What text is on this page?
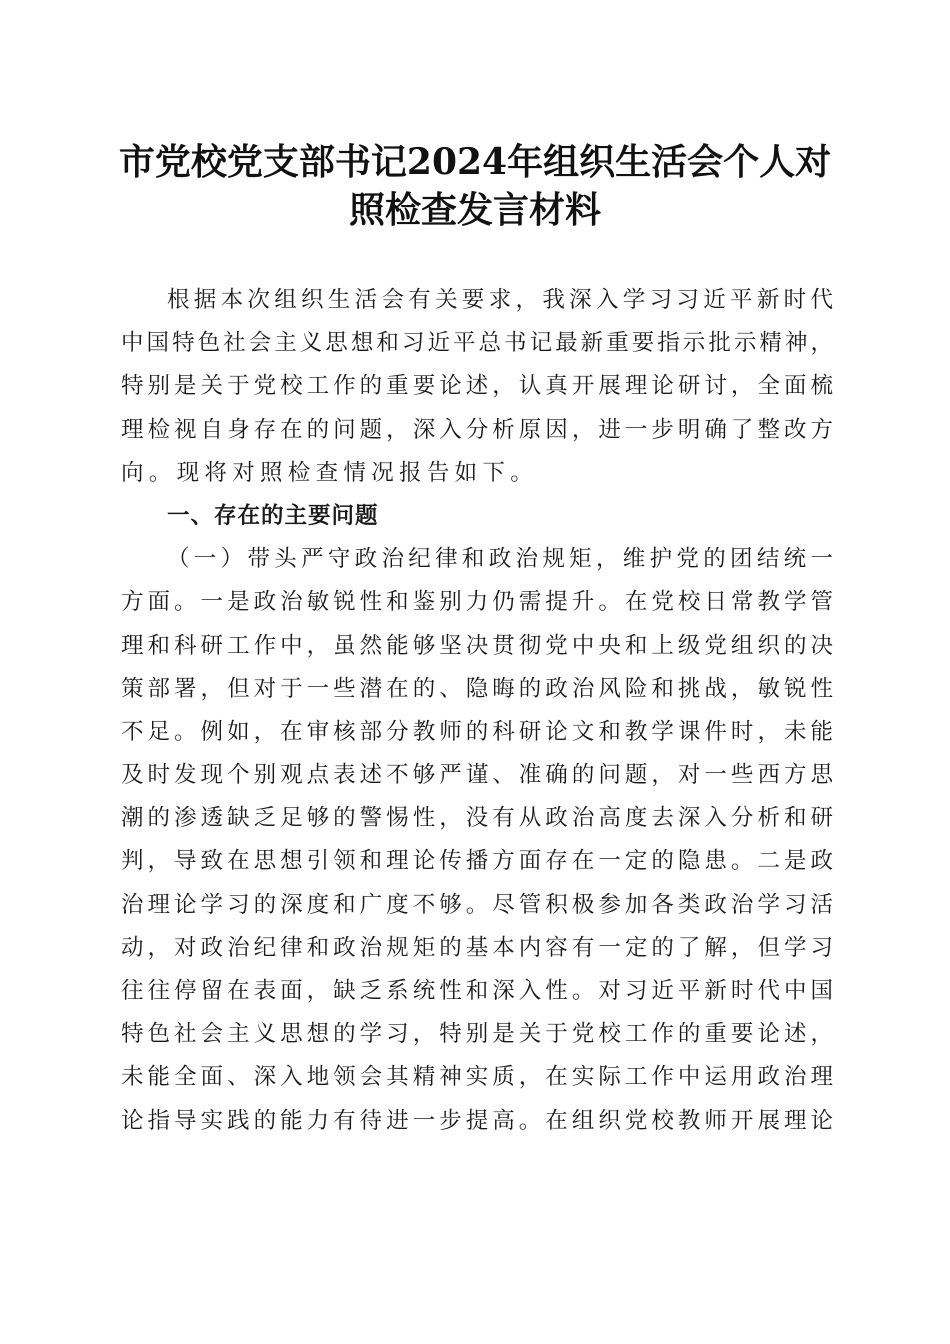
市党校党支部书记2024年组织生活会个人对
照检查发言材料
根据本次组织生活会有关要求，我深入学习习近平新时代
中国特色社会主义思想和习近平总书记最新重要指示批示精神，
特别是关于党校工作的重要论述，认真开展理论研讨，全面梳
理检视自身存在的问题，深入分析原因，进一步明确了整改方
向。现将对照检查情况报告如下。
一、存在的主要问题
（一）带头严守政治纪律和政治规矩，维护党的团结统一
方面。一是政治敏锐性和鉴别力仍需提升。在党校日常教学管
理和科研工作中，虽然能够坚决贯彻党中央和上级党组织的决
策部署，但对于一些潜在的、隐晦的政治风险和挑战，敏锐性
不足。例如，在审核部分教师的科研论文和教学课件时，未能
及时发现个别观点表述不够严谨、准确的问题，对一些西方思
潮的渗透缺乏足够的警惕性，没有从政治高度去深入分析和研
判，导致在思想引领和理论传播方面存在一定的隐患。二是政
治理论学习的深度和广度不够。尽管积极参加各类政治学习活
动，对政治纪律和政治规矩的基本内容有一定的了解，但学习
往往停留在表面，缺乏系统性和深入性。对习近平新时代中国
特色社会主义思想的学习，特别是关于党校工作的重要论述，
未能全面、深入地领会其精神实质，在实际工作中运用政治理
论指导实践的能力有待进一步提高。在组织党校教师开展理论
